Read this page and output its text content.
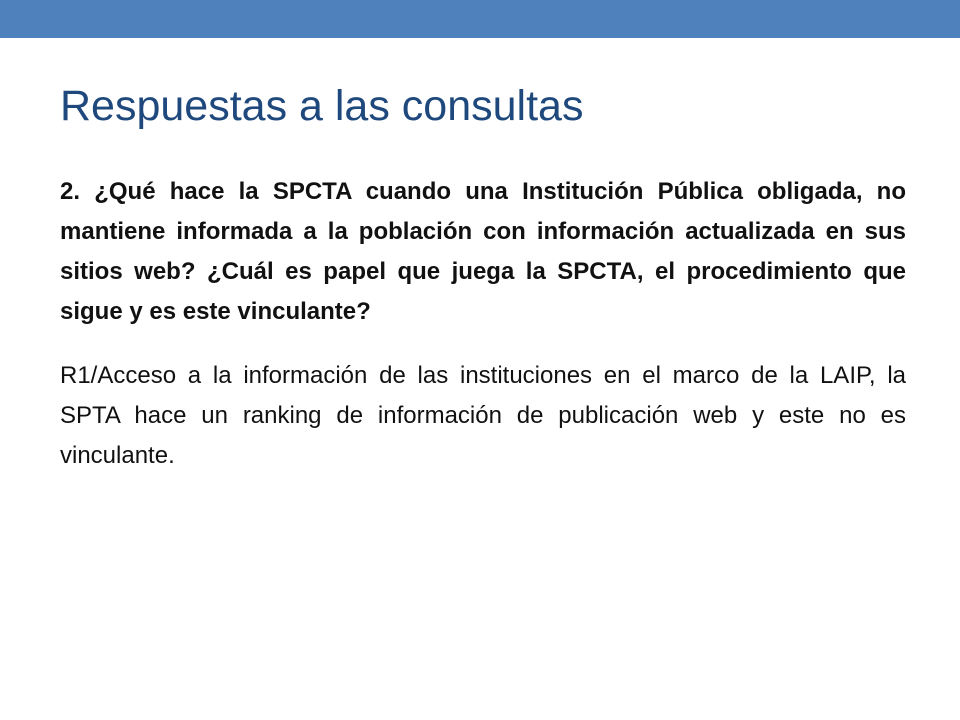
Respuestas a las consultas

2. ¿Qué hace la SPCTA cuando una Institución Pública obligada, no mantiene informada a la población con información actualizada en sus sitios web? ¿Cuál es papel que juega la SPCTA, el procedimiento que sigue y es este vinculante?

R1/Acceso a la información de las instituciones en el marco de la LAIP, la SPTA hace un ranking de información de publicación web y este no es vinculante.
